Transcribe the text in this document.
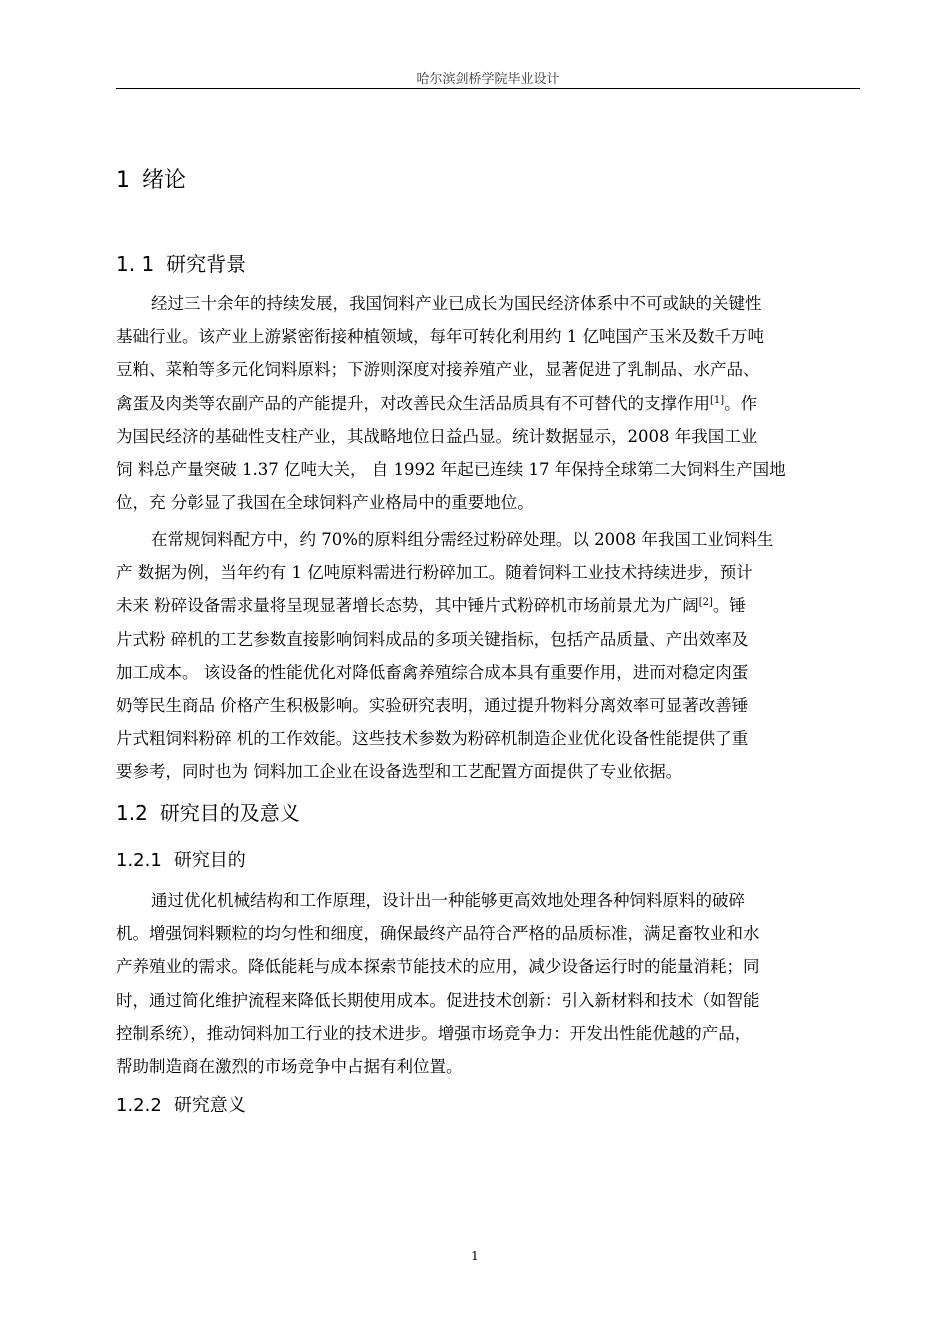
哈尔滨剑桥学院毕业设计
1 绪论
1. 1 研究背景
经过三十余年的持续发展，我国饲料产业已成长为国民经济体系中不可或缺的关键性
基础行业。该产业上游紧密衔接种植领域，每年可转化利用约 1 亿吨国产玉米及数千万吨
豆粕、菜粕等多元化饲料原料；下游则深度对接养殖产业，显著促进了乳制品、水产品、
禽蛋及肉类等农副产品的产能提升，对改善民众生活品质具有不可替代的支撑作用[1]。作
为国民经济的基础性支柱产业，其战略地位日益凸显。统计数据显示，2008 年我国工业
饲 料总产量突破 1.37 亿吨大关， 自 1992 年起已连续 17 年保持全球第二大饲料生产国地
位，充 分彰显了我国在全球饲料产业格局中的重要地位。
在常规饲料配方中，约 70%的原料组分需经过粉碎处理。以 2008 年我国工业饲料生
产 数据为例，当年约有 1 亿吨原料需进行粉碎加工。随着饲料工业技术持续进步，预计
未来 粉碎设备需求量将呈现显著增长态势，其中锤片式粉碎机市场前景尤为广阔[2]。锤
片式粉 碎机的工艺参数直接影响饲料成品的多项关键指标，包括产品质量、产出效率及
加工成本。 该设备的性能优化对降低畜禽养殖综合成本具有重要作用，进而对稳定肉蛋
奶等民生商品 价格产生积极影响。实验研究表明，通过提升物料分离效率可显著改善锤
片式粗饲料粉碎 机的工作效能。这些技术参数为粉碎机制造企业优化设备性能提供了重
要参考，同时也为 饲料加工企业在设备选型和工艺配置方面提供了专业依据。
1.2 研究目的及意义
1.2.1 研究目的
通过优化机械结构和工作原理，设计出一种能够更高效地处理各种饲料原料的破碎
机。增强饲料颗粒的均匀性和细度，确保最终产品符合严格的品质标准，满足畜牧业和水
产养殖业的需求。降低能耗与成本探索节能技术的应用，减少设备运行时的能量消耗；同
时，通过简化维护流程来降低长期使用成本。促进技术创新：引入新材料和技术（如智能
控制系统），推动饲料加工行业的技术进步。增强市场竞争力：开发出性能优越的产品，
帮助制造商在激烈的市场竞争中占据有利位置。
1.2.2 研究意义
1
